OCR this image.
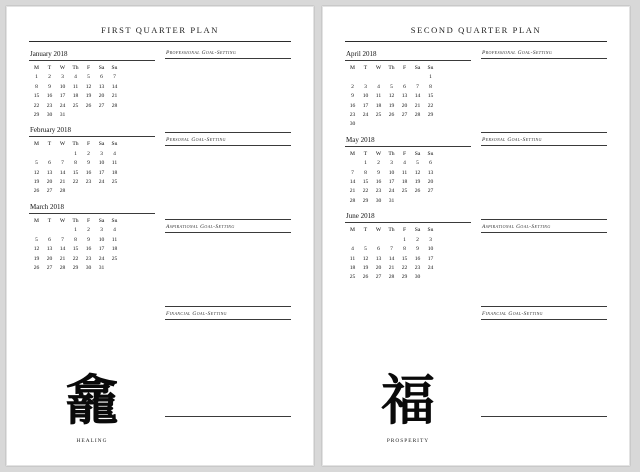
FIRST QUARTER PLAN
January 2018
M	T	W	Th	F	Sa	Su
1	2	3	4	5	6	7
8	9	10	11	12	13	14
15	16	17	18	19	20	21
22	23	24	25	26	27	28
29	30	31				
February 2018
M	T	W	Th	F	Sa	Su
			1	2	3	4
5	6	7	8	9	10	11
12	13	14	15	16	17	18
19	20	21	22	23	24	25
26	27	28				
March 2018
M	T	W	Th	F	Sa	Su
			1	2	3	4
5	6	7	8	9	10	11
12	13	14	15	16	17	18
19	20	21	22	23	24	25
26	27	28	29	30	31	
龕
HEALING
Professional Goal-Setting
Personal Goal-Setting
Aspirational Goal-Setting
Financial Goal-Setting
SECOND QUARTER PLAN
April 2018
M	T	W	Th	F	Sa	Su
						1
2	3	4	5	6	7	8
9	10	11	12	13	14	15
16	17	18	19	20	21	22
23	24	25	26	27	28	29
30						
May 2018
M	T	W	Th	F	Sa	Su
	1	2	3	4	5	6
7	8	9	10	11	12	13
14	15	16	17	18	19	20
21	22	23	24	25	26	27
28	29	30	31			
June 2018
M	T	W	Th	F	Sa	Su
				1	2	3
4	5	6	7	8	9	10
11	12	13	14	15	16	17
18	19	20	21	22	23	24
25	26	27	28	29	30	
福
PROSPERITY
Professional Goal-Setting
Personal Goal-Setting
Aspirational Goal-Setting
Financial Goal-Setting
